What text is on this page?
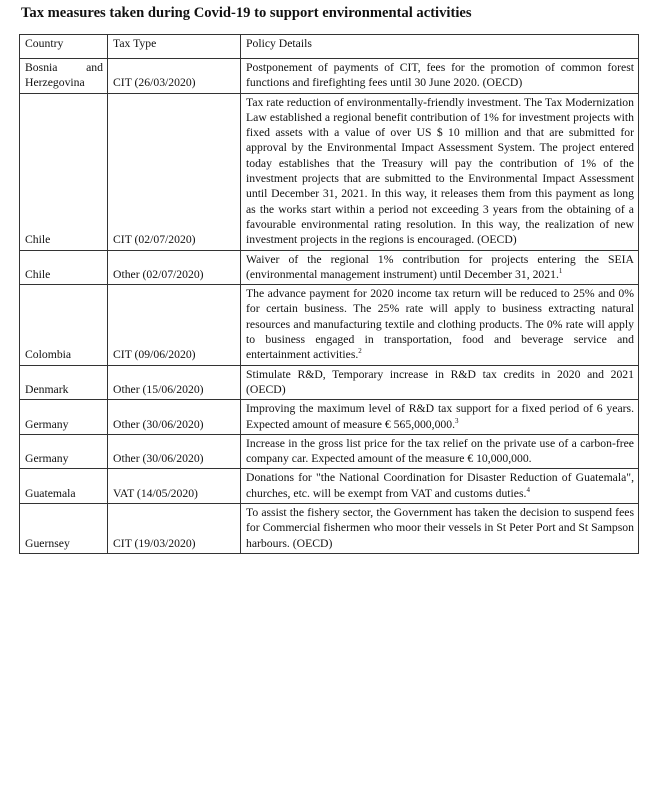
Tax measures taken during Covid-19 to support environmental activities
Country	Tax Type	Policy Details
Bosnia and Herzegovina	CIT (26/03/2020)	Postponement of payments of CIT, fees for the promotion of common forest functions and firefighting fees until 30 June 2020. (OECD)
Chile	CIT (02/07/2020)	Tax rate reduction of environmentally-friendly investment. The Tax Modernization Law established a regional benefit contribution of 1% for investment projects with fixed assets with a value of over US $ 10 million and that are submitted for approval by the Environmental Impact Assessment System. The project entered today establishes that the Treasury will pay the contribution of 1% of the investment projects that are submitted to the Environmental Impact Assessment until December 31, 2021. In this way, it releases them from this payment as long as the works start within a period not exceeding 3 years from the obtaining of a favourable environmental rating resolution. In this way, the realization of new investment projects in the regions is encouraged. (OECD)
Chile	Other (02/07/2020)	Waiver of the regional 1% contribution for projects entering the SEIA (environmental management instrument) until December 31, 2021.$^1$
Colombia	CIT (09/06/2020)	The advance payment for 2020 income tax return will be reduced to 25% and 0% for certain business. The 25% rate will apply to business extracting natural resources and manufacturing textile and clothing products. The 0% rate will apply to business engaged in transportation, food and beverage service and entertainment activities.$^2$
Denmark	Other (15/06/2020)	Stimulate R&D, Temporary increase in R&D tax credits in 2020 and 2021 (OECD)
Germany	Other (30/06/2020)	Improving the maximum level of R&D tax support for a fixed period of 6 years. Expected amount of measure € 565,000,000.$^3$
Germany	Other (30/06/2020)	Increase in the gross list price for the tax relief on the private use of a carbon-free company car. Expected amount of the measure € 10,000,000.
Guatemala	VAT (14/05/2020)	Donations for "the National Coordination for Disaster Reduction of Guatemala", churches, etc. will be exempt from VAT and customs duties.$^4$
Guernsey	CIT (19/03/2020)	To assist the fishery sector, the Government has taken the decision to suspend fees for Commercial fishermen who moor their vessels in St Peter Port and St Sampson harbours. (OECD)
